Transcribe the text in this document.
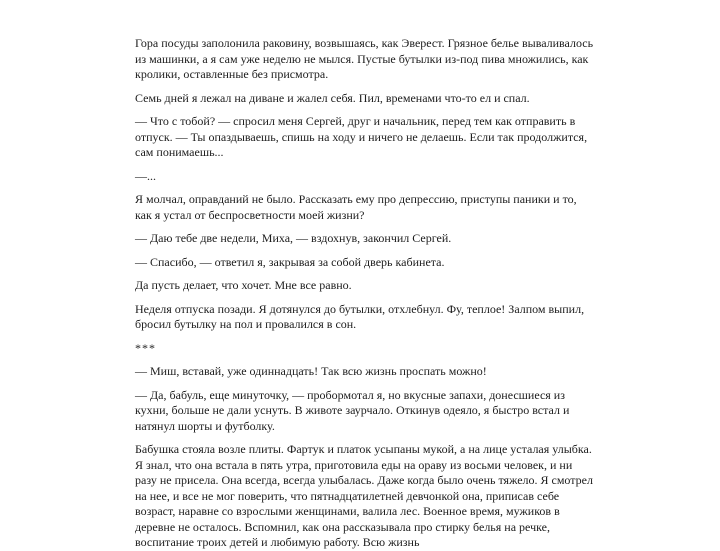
Гора посуды заполонила раковину, возвышаясь, как Эверест. Грязное белье вываливалось из машинки, а я сам уже неделю не мылся. Пустые бутылки из-под пива множились, как кролики, оставленные без присмотра.

Семь дней я лежал на диване и жалел себя. Пил, временами что-то ел и спал.

— Что с тобой? — спросил меня Сергей, друг и начальник, перед тем как отправить в отпуск. — Ты опаздываешь, спишь на ходу и ничего не делаешь. Если так продолжится, сам понимаешь...

—...

Я молчал, оправданий не было. Рассказать ему про депрессию, приступы паники и то, как я устал от беспросветности моей жизни?

— Даю тебе две недели, Миха, — вздохнув, закончил Сергей.

— Спасибо, — ответил я, закрывая за собой дверь кабинета.

Да пусть делает, что хочет. Мне все равно.

Неделя отпуска позади. Я дотянулся до бутылки, отхлебнул. Фу, теплое! Залпом выпил, бросил бутылку на пол и провалился в сон.

***

— Миш, вставай, уже одиннадцать! Так всю жизнь проспать можно!

— Да, бабуль, еще минуточку, — пробормотал я, но вкусные запахи, донесшиеся из кухни, больше не дали уснуть. В животе заурчало. Откинув одеяло, я быстро встал и натянул шорты и футболку.

Бабушка стояла возле плиты. Фартук и платок усыпаны мукой, а на лице усталая улыбка. Я знал, что она встала в пять утра, приготовила еды на ораву из восьми человек, и ни разу не присела. Она всегда, всегда улыбалась. Даже когда было очень тяжело. Я смотрел на нее, и все не мог поверить, что пятнадцатилетней девчонкой она, приписав себе возраст, наравне со взрослыми женщинами, валила лес. Военное время, мужиков в деревне не осталось. Вспомнил, как она рассказывала про стирку белья на речке, воспитание троих детей и любимую работу. Всю жизнь
